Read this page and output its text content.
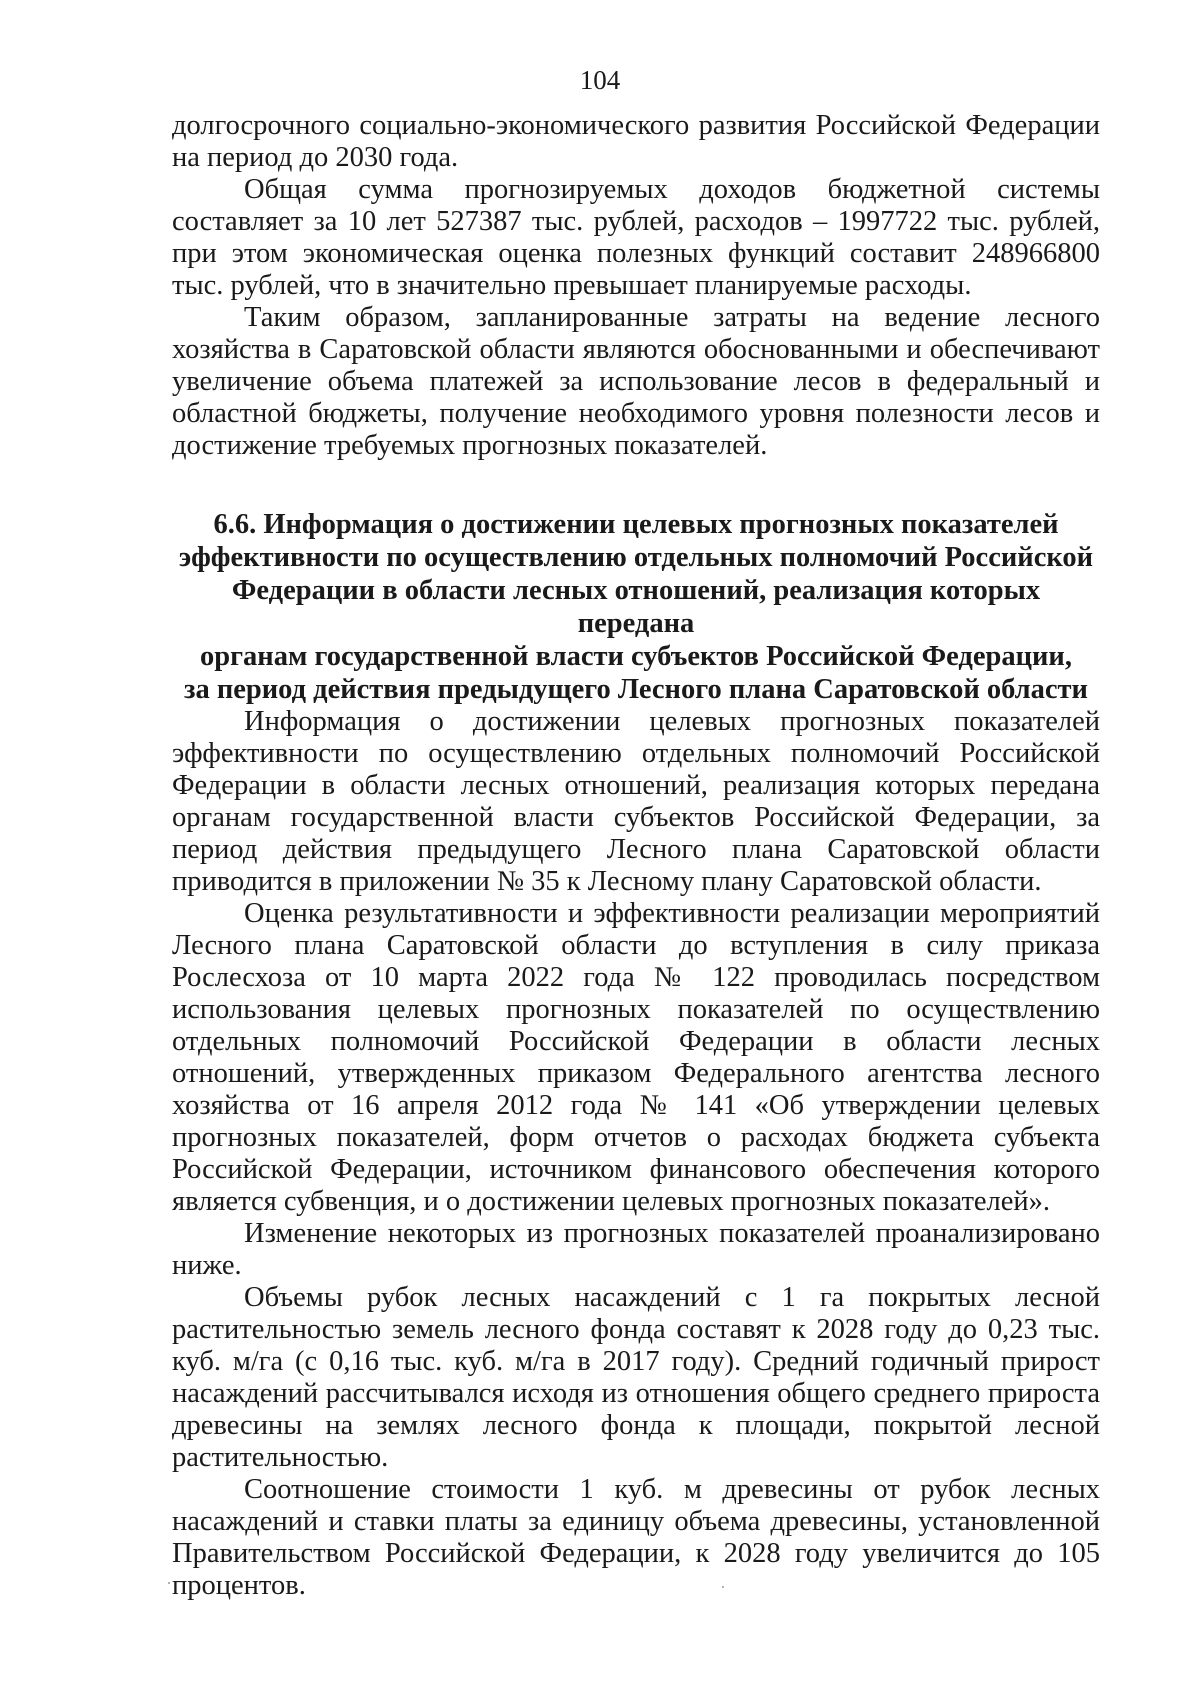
104

долгосрочного социально-экономического развития Российской Федерации на период до 2030 года.

Общая сумма прогнозируемых доходов бюджетной системы составляет за 10 лет 527387 тыс. рублей, расходов – 1997722 тыс. рублей, при этом экономическая оценка полезных функций составит 248966800 тыс. рублей, что в значительно превышает планируемые расходы.

Таким образом, запланированные затраты на ведение лесного хозяйства в Саратовской области являются обоснованными и обеспечивают увеличение объема платежей за использование лесов в федеральный и областной бюджеты, получение необходимого уровня полезности лесов и достижение требуемых прогнозных показателей.

6.6. Информация о достижении целевых прогнозных показателей
эффективности по осуществлению отдельных полномочий Российской
Федерации в области лесных отношений, реализация которых передана
органам государственной власти субъектов Российской Федерации,
за период действия предыдущего Лесного плана Саратовской области

Информация о достижении целевых прогнозных показателей эффективности по осуществлению отдельных полномочий Российской Федерации в области лесных отношений, реализация которых передана органам государственной власти субъектов Российской Федерации, за период действия предыдущего Лесного плана Саратовской области приводится в приложении № 35 к Лесному плану Саратовской области.

Оценка результативности и эффективности реализации мероприятий Лесного плана Саратовской области до вступления в силу приказа Рослесхоза от 10 марта 2022 года № 122 проводилась посредством использования целевых прогнозных показателей по осуществлению отдельных полномочий Российской Федерации в области лесных отношений, утвержденных приказом Федерального агентства лесного хозяйства от 16 апреля 2012 года № 141 «Об утверждении целевых прогнозных показателей, форм отчетов о расходах бюджета субъекта Российской Федерации, источником финансового обеспечения которого является субвенция, и о достижении целевых прогнозных показателей».

Изменение некоторых из прогнозных показателей проанализировано ниже.

Объемы рубок лесных насаждений с 1 га покрытых лесной растительностью земель лесного фонда составят к 2028 году до 0,23 тыс. куб. м/га (с 0,16 тыс. куб. м/га в 2017 году). Средний годичный прирост насаждений рассчитывался исходя из отношения общего среднего прироста древесины на землях лесного фонда к площади, покрытой лесной растительностью.

Соотношение стоимости 1 куб. м древесины от рубок лесных насаждений и ставки платы за единицу объема древесины, установленной Правительством Российской Федерации, к 2028 году увеличится до 105 процентов.
